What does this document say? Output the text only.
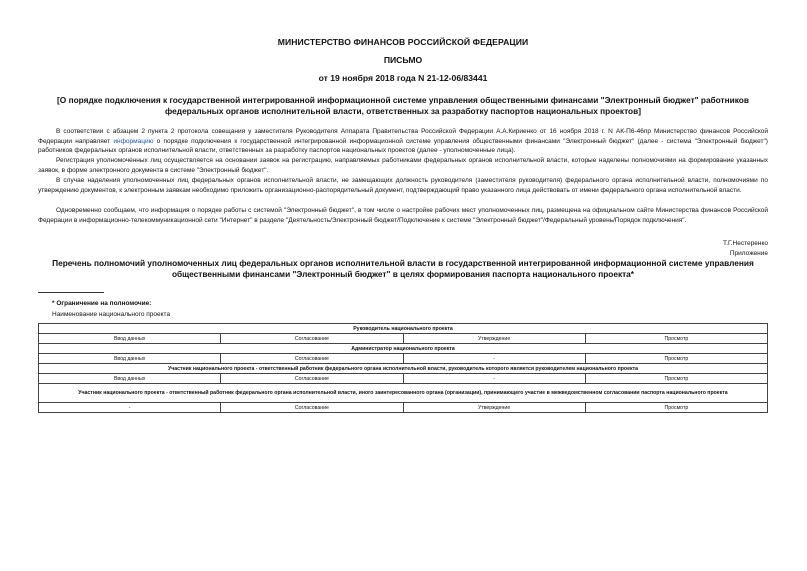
МИНИСТЕРСТВО ФИНАНСОВ РОССИЙСКОЙ ФЕДЕРАЦИИ
ПИСЬМО
от 19 ноября 2018 года N 21-12-06/83441
[О порядке подключения к государственной интегрированной информационной системе управления общественными финансами "Электронный бюджет" работников федеральных органов исполнительной власти, ответственных за разработку паспортов национальных проектов]
В соответствии с абзацем 2 пункта 2 протокола совещания у заместителя Руководителя Аппарата Правительства Российской Федерации А.А.Кириенко от 16 ноября 2018 г. N АК-П6-46пр Министерство финансов Российской Федерации направляет информацию о порядке подключения к государственной интегрированной информационной системе управления общественными финансами "Электронный бюджет" (далее - система "Электронный бюджет") работников федеральных органов исполнительной власти, ответственных за разработку паспортов национальных проектов (далее - уполномоченные лица).
Регистрация уполномоченных лиц осуществляется на основании заявок на регистрацию, направляемых работниками федеральных органов исполнительной власти, которые наделены полномочиями на формирование указанных заявок, в форме электронного документа в системе "Электронный бюджет".
В случае наделения уполномоченных лиц федеральных органов исполнительной власти, не замещающих должность руководителя (заместителя руководителя) федерального органа исполнительной власти, полномочиями по утверждению документов, к электронным заявкам необходимо приложить организационно-распорядительный документ, подтверждающий право указанного лица действовать от имени федерального органа исполнительной власти.
Одновременно сообщаем, что информация о порядке работы с системой "Электронный бюджет", в том числе о настройке рабочих мест уполномоченных лиц, размещена на официальном сайте Министерства финансов Российской Федерации в информационно-телекоммуникационной сети "Интернет" в разделе "Деятельность/Электронный бюджет/Подключение к системе "Электронный бюджет"/Федеральный уровень/Порядок подключения".
Т.Г.Нестеренко
Приложение
Перечень полномочий уполномоченных лиц федеральных органов исполнительной власти в государственной интегрированной информационной системе управления общественными финансами "Электронный бюджет" в целях формирования паспорта национального проекта*
* Ограничение на полномочие:
Наименование национального проекта
Руководитель национального проекта			
Ввод данных	Согласование	Утверждение	Просмотр
Администратор национального проекта			
Ввод данных	Согласование	-	Просмотр
Участник национального проекта - ответственный работник федерального органа исполнительной власти, руководитель которого является руководителем национального проекта			
Ввод данных	Согласование	-	Просмотр
Участник национального проекта - ответственный работник федерального органа исполнительной власти, иного заинтересованного органа (организации), принимающего участие в межведомственном согласовании паспорта национального проекта			
-	Согласование	Утверждение	Просмотр
